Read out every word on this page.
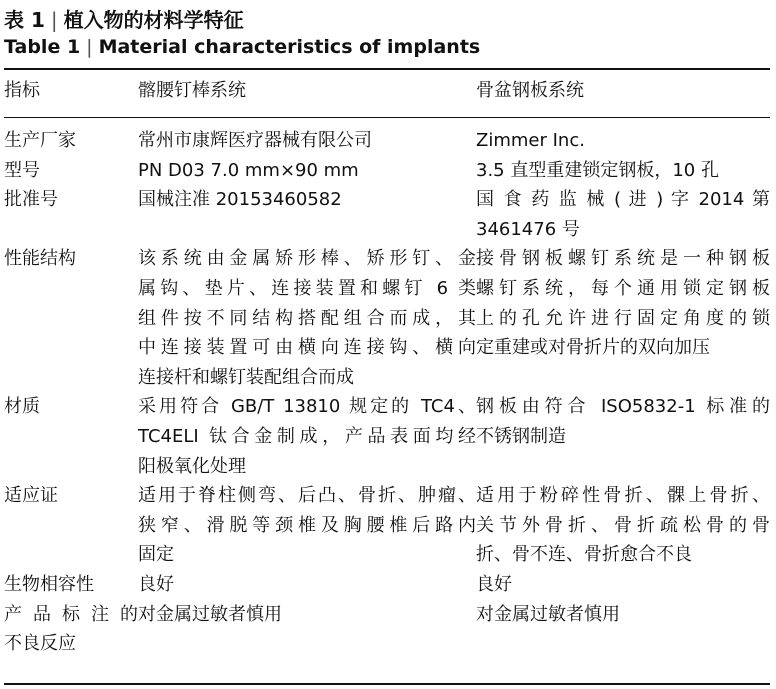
表 1 | 植入物的材料学特征
Table 1 | Material characteristics of implants
指标	髂腰钉棒系统	骨盆钢板系统
生产厂家	常州市康辉医疗器械有限公司	Zimmer Inc.

型号	PN D03 7.0 mm×90 mm	3.5 直型重建锁定钢板，10 孔

批准号	国械注准 20153460582	国 食 药 监 械 ( 进 ) 字 2014 第
3461476 号

性能结构	该系统由金属矫形棒、矫形钉、金
属钩、垫片、连接装置和螺钉 6 类
组件按不同结构搭配组合而成，其
中连接装置可由横向连接钩、横向
连接杆和螺钉装配组合而成	接骨钢板螺钉系统是一种钢板
螺钉系统，每个通用锁定钢板
上的孔允许进行固定角度的锁
定重建或对骨折片的双向加压

材质	采用符合 GB/T 13810 规定的 TC4、
TC4ELI 钛合金制成，产品表面均经
阳极氧化处理	钢板由符合 ISO5832-1 标准的
不锈钢制造

适应证	适用于脊柱侧弯、后凸、骨折、肿瘤、
狭窄、滑脱等颈椎及胸腰椎后路内
固定	适用于粉碎性骨折、髁上骨折、
关节外骨折、骨折疏松骨的骨
折、骨不连、骨折愈合不良

生物相容性	良好	良好

产 品 标 注 的
不良反应	对金属过敏者慎用	对金属过敏者慎用
